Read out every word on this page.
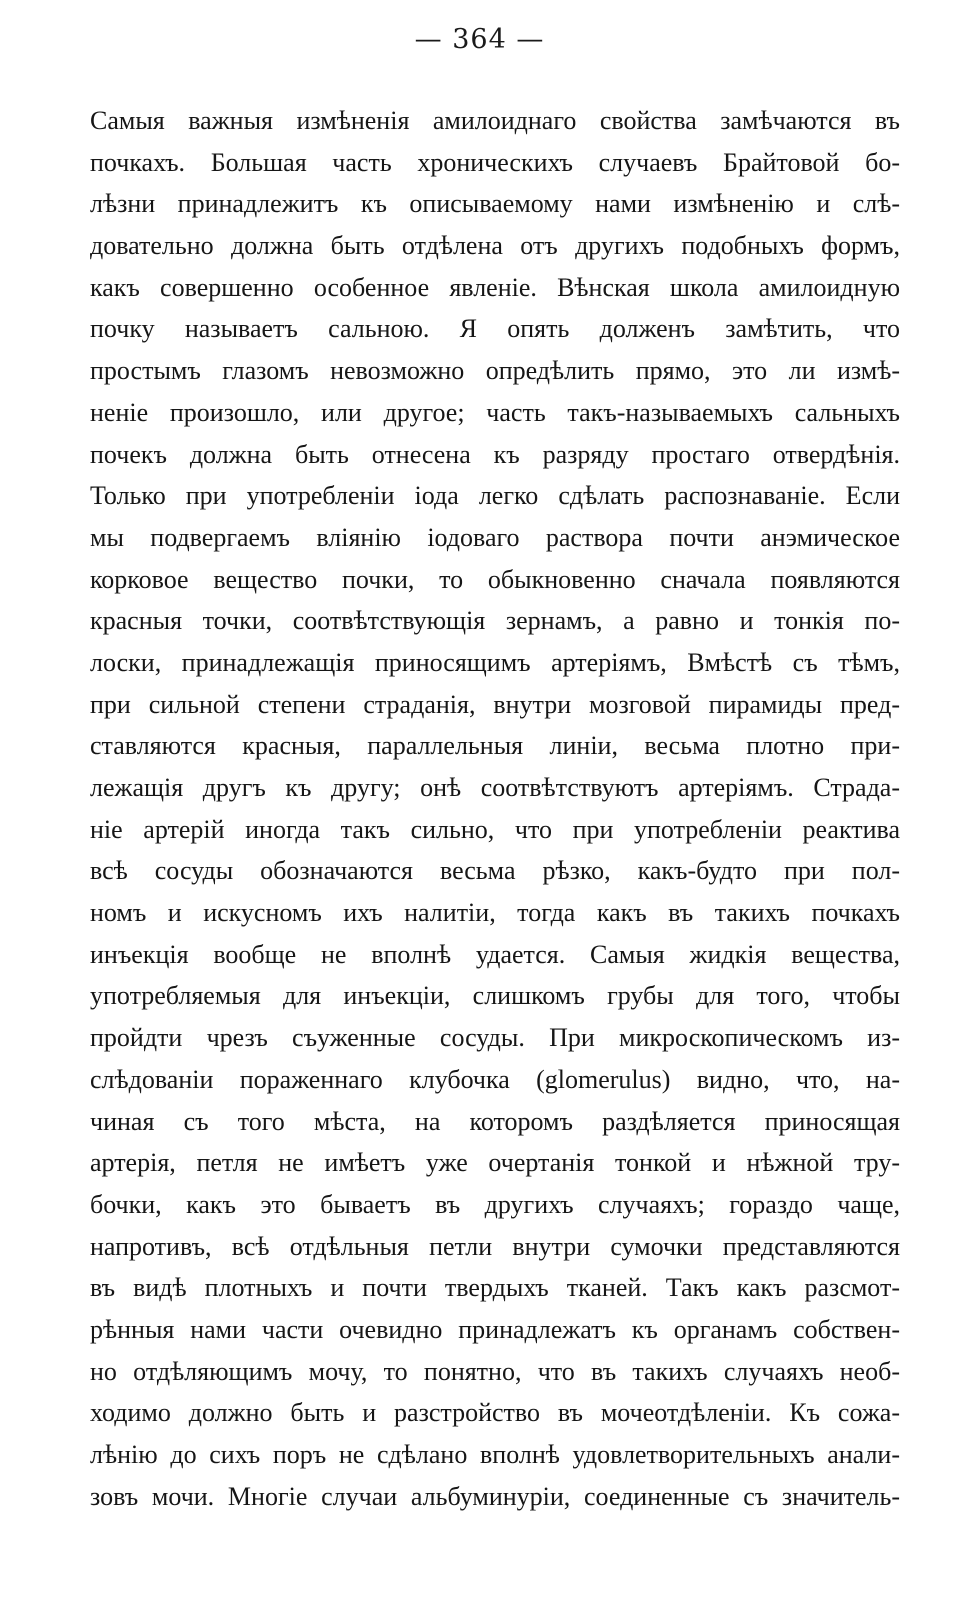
— 364 —
Самыя важныя измѣненія амилоиднаго свойства замѣчаются въ
почкахъ. Большая часть хроническихъ случаевъ Брайтовой бо-
лѣзни принадлежитъ къ описываемому нами измѣненію и слѣ-
довательно должна быть отдѣлена отъ другихъ подобныхъ формъ,
какъ совершенно особенное явленіе. Вѣнская школа амилоидную
почку называетъ сальною. Я опять долженъ замѣтить, что
простымъ глазомъ невозможно опредѣлить прямо, это ли измѣ-
неніе произошло, или другое; часть такъ-называемыхъ сальныхъ
почекъ должна быть отнесена къ разряду простаго отвердѣнія.
Только при употребленіи іода легко сдѣлать распознаваніе. Если
мы подвергаемъ вліянію іодоваго раствора почти анэмическое
корковое вещество почки, то обыкновенно сначала появляются
красныя точки, соотвѣтствующія зернамъ, а равно и тонкія по-
лоски, принадлежащія приносящимъ артеріямъ, Вмѣстѣ съ тѣмъ,
при сильной степени страданія, внутри мозговой пирамиды пред-
ставляются красныя, параллельныя линіи, весьма плотно при-
лежащія другъ къ другу; онѣ соотвѣтствуютъ артеріямъ. Страда-
ніе артерій иногда такъ сильно, что при употребленіи реактива
всѣ сосуды обозначаются весьма рѣзко, какъ-будто при пол-
номъ и искусномъ ихъ налитіи, тогда какъ въ такихъ почкахъ
инъекція вообще не вполнѣ удается. Самыя жидкія вещества,
употребляемыя для инъекціи, слишкомъ грубы для того, чтобы
пройдти чрезъ съуженные сосуды. При микроскопическомъ из-
слѣдованіи пораженнаго клубочка (glomerulus) видно, что, на-
чиная съ того мѣста, на которомъ раздѣляется приносящая
артерія, петля не имѣетъ уже очертанія тонкой и нѣжной тру-
бочки, какъ это бываетъ въ другихъ случаяхъ; гораздо чаще,
напротивъ, всѣ отдѣльныя петли внутри сумочки представляются
въ видѣ плотныхъ и почти твердыхъ тканей. Такъ какъ разсмот-
рѣнныя нами части очевидно принадлежатъ къ органамъ собствен-
но отдѣляющимъ мочу, то понятно, что въ такихъ случаяхъ необ-
ходимо должно быть и разстройство въ мочеотдѣленіи. Къ сожа-
лѣнію до сихъ поръ не сдѣлано вполнѣ удовлетворительныхъ анали-
зовъ мочи. Многіе случаи альбуминуріи, соединенные съ значитель-
